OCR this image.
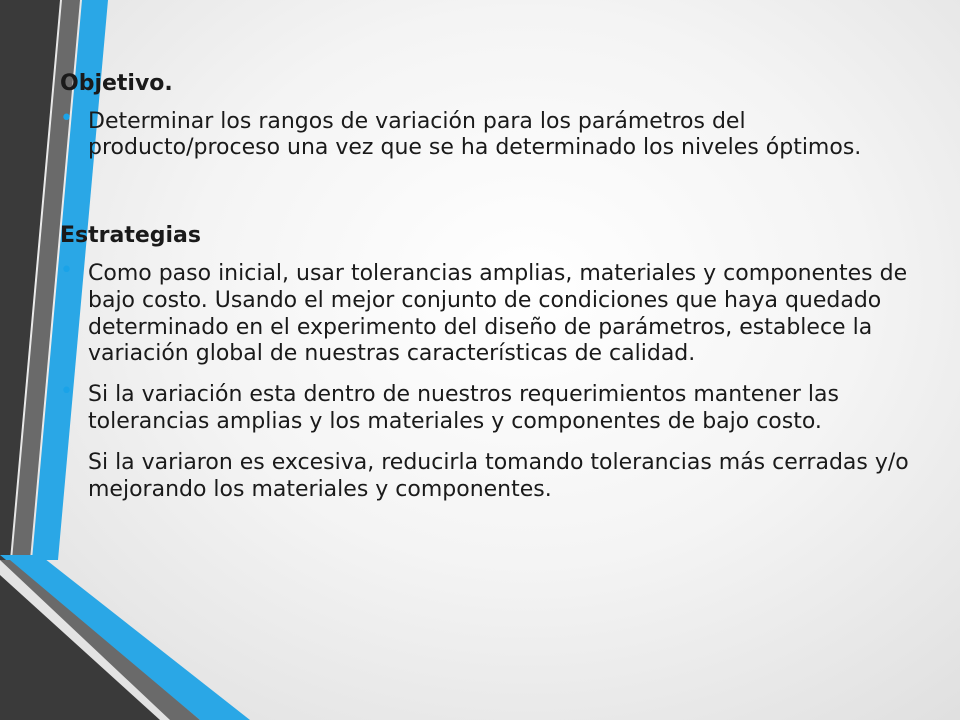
Objetivo.

• Determinar los rangos de variación para los parámetros del producto/proceso una vez que se ha determinado los niveles óptimos.

Estrategias

• Como paso inicial, usar tolerancias amplias, materiales y componentes de bajo costo. Usando el mejor conjunto de condiciones que haya quedado determinado en el experimento del diseño de parámetros, establece la variación global de nuestras características de calidad.
• Si la variación esta dentro de nuestros requerimientos mantener las tolerancias amplias y los materiales y componentes de bajo costo.
Si la variaron es excesiva, reducirla tomando tolerancias más cerradas y/o mejorando los materiales y componentes.
